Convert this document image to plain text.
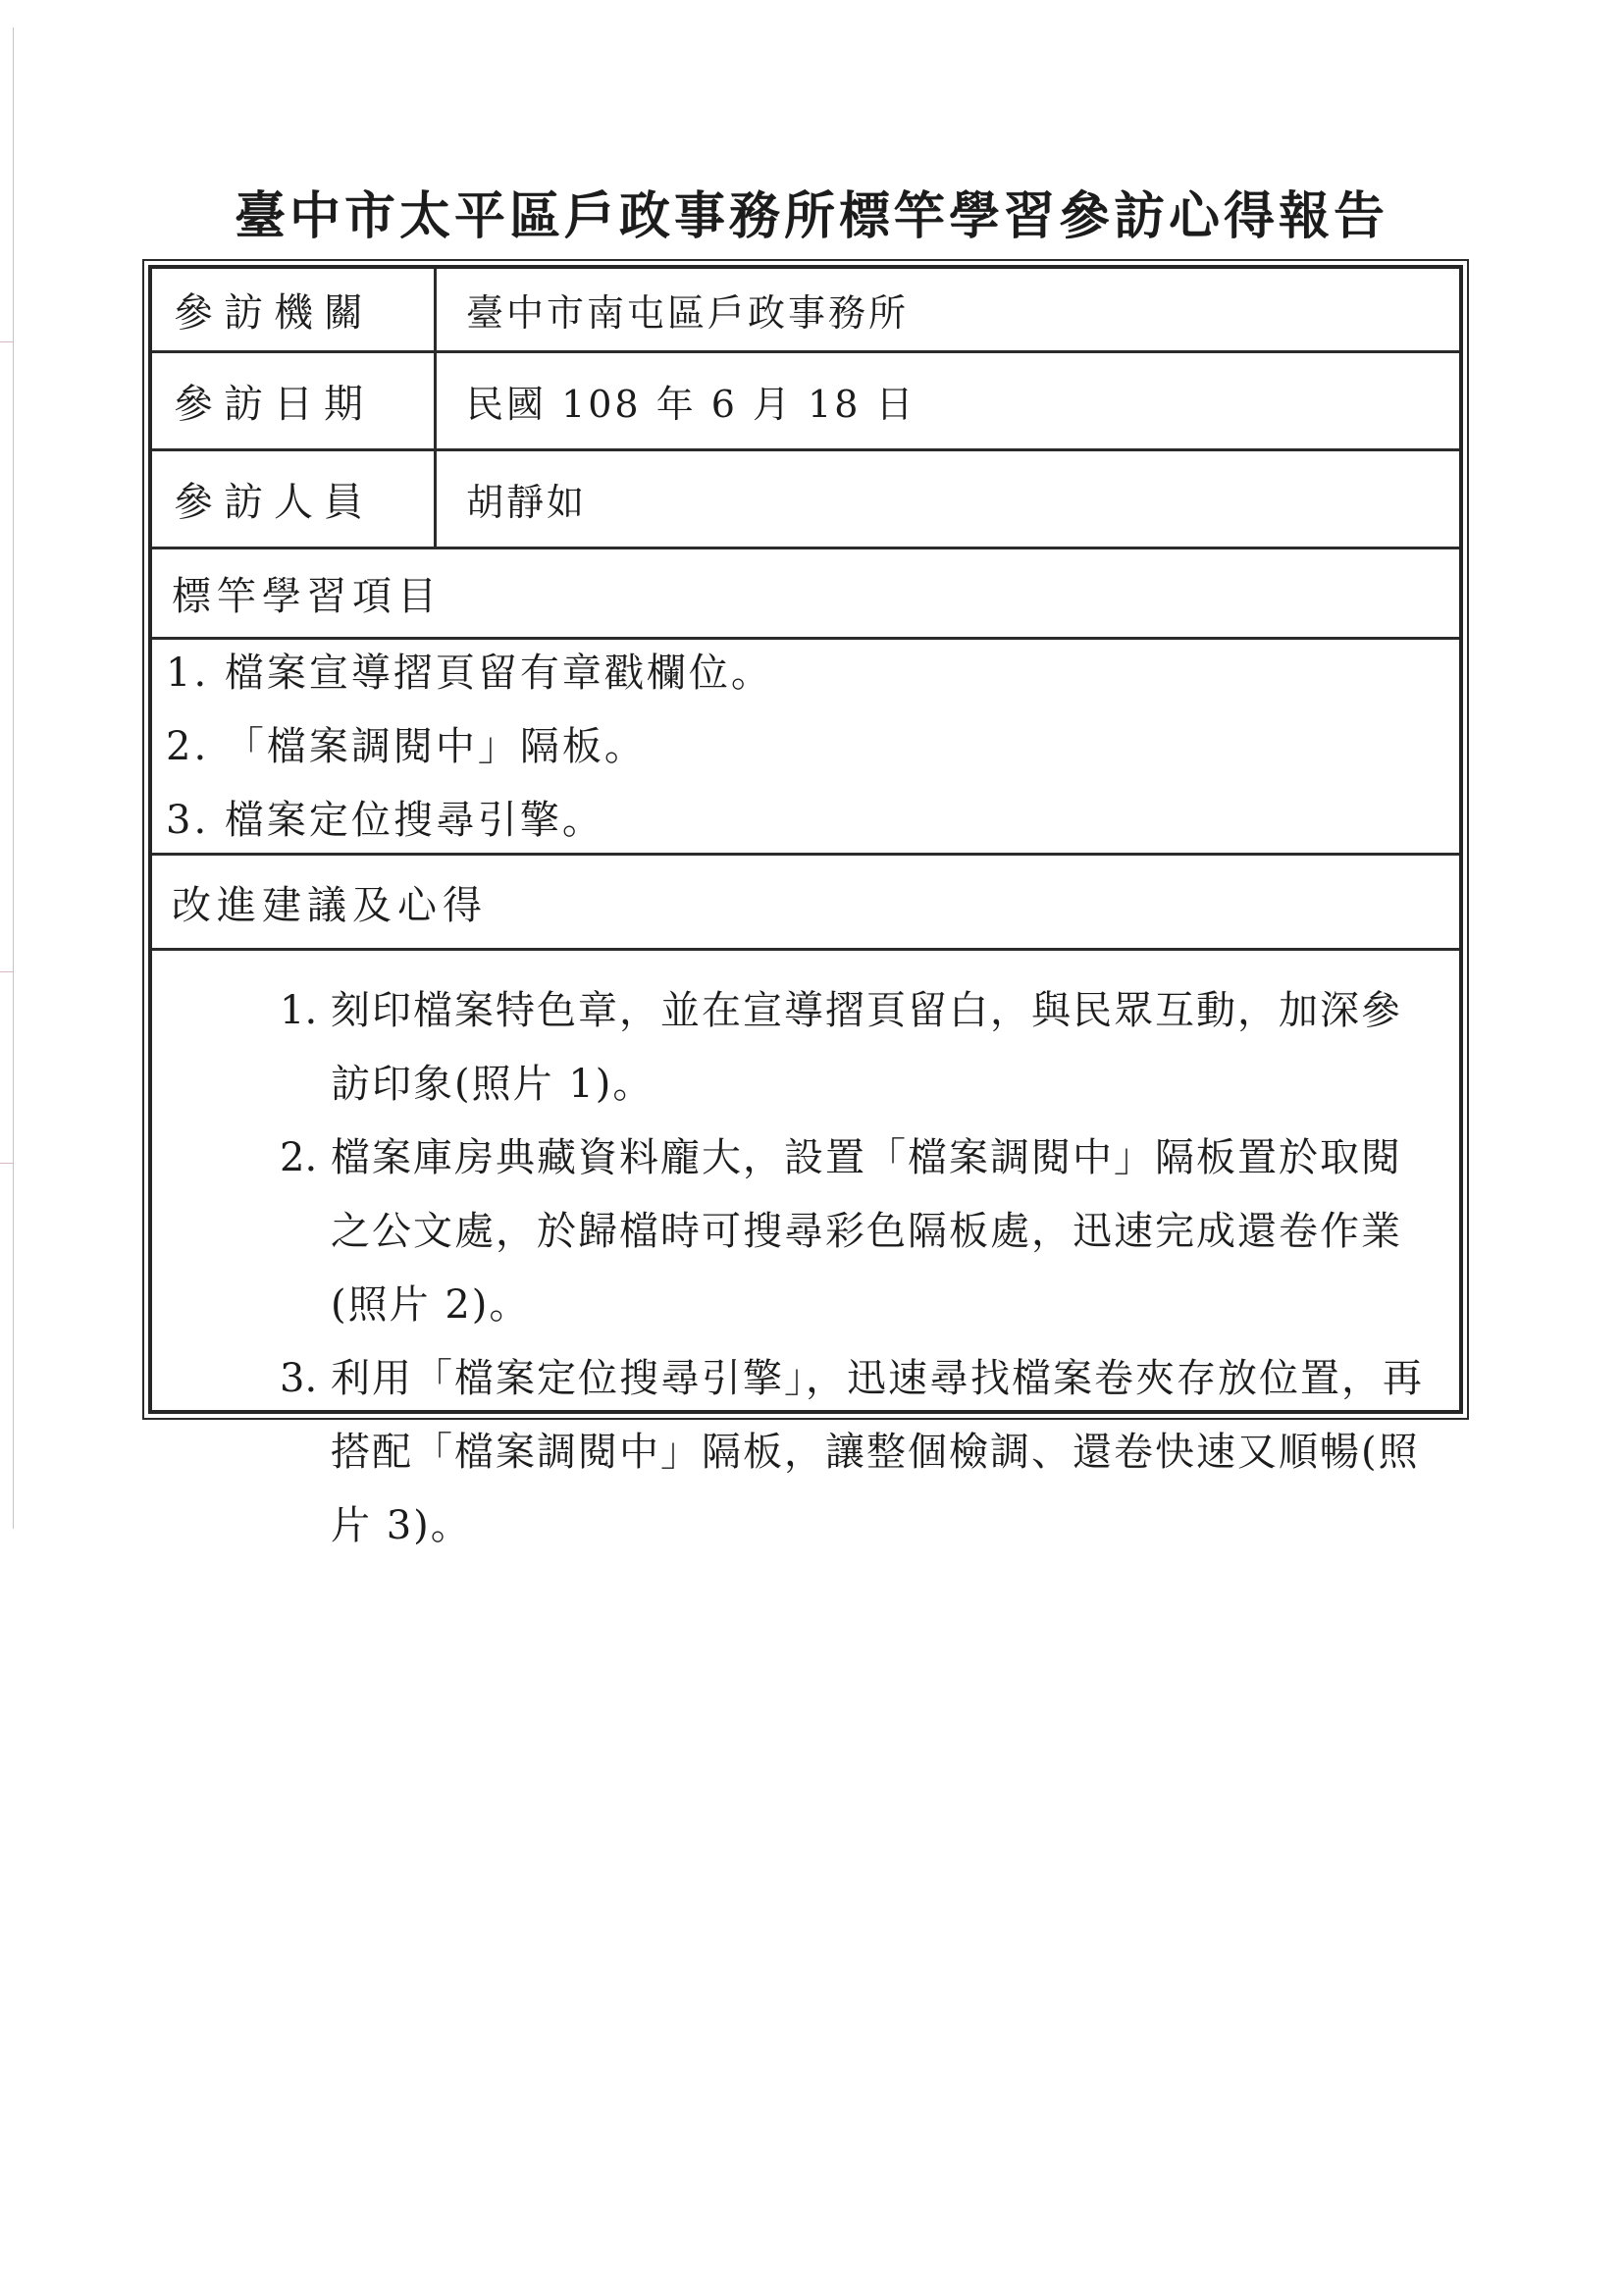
臺中市太平區戶政事務所標竿學習參訪心得報告
參訪機關	臺中市南屯區戶政事務所
參訪日期	民國 108 年 6 月 18 日
參訪人員	胡靜如
標竿學習項目
1. 檔案宣導摺頁留有章戳欄位。
2. 「檔案調閱中」隔板。
3. 檔案定位搜尋引擎。
改進建議及心得
1. 刻印檔案特色章，並在宣導摺頁留白，與民眾互動，加深參訪印象(照片 1)。
2. 檔案庫房典藏資料龐大，設置「檔案調閱中」隔板置於取閱之公文處，於歸檔時可搜尋彩色隔板處，迅速完成還卷作業(照片 2)。
3. 利用「檔案定位搜尋引擎」，迅速尋找檔案卷夾存放位置，再搭配「檔案調閱中」隔板，讓整個檢調、還卷快速又順暢(照片 3)。
